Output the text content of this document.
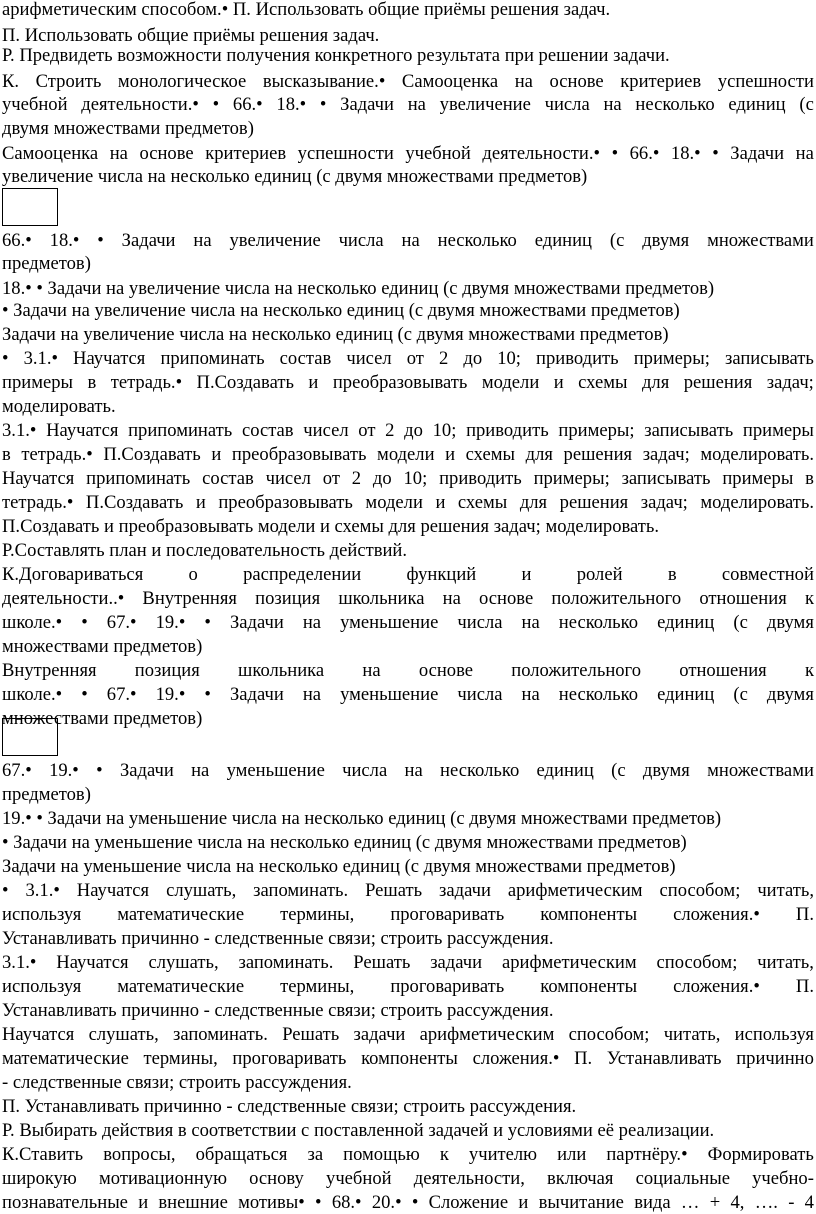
арифметическим способом.• П. Использовать общие приёмы решения задач.
П. Использовать общие приёмы решения задач.
Р. Предвидеть возможности получения конкретного результата при решении задачи.
К. Строить монологическое высказывание.• Самооценка на основе критериев успешности
учебной деятельности.• • 66.• 18.• • Задачи на увеличение числа на несколько единиц (с
двумя множествами предметов)
Самооценка на основе критериев успешности учебной деятельности.• • 66.• 18.• • Задачи на
увеличение числа на несколько единиц (с двумя множествами предметов)
66.• 18.• • Задачи на увеличение числа на несколько единиц (с двумя множествами
предметов)
18.• • Задачи на увеличение числа на несколько единиц (с двумя множествами предметов)
• Задачи на увеличение числа на несколько единиц (с двумя множествами предметов)
Задачи на увеличение числа на несколько единиц (с двумя множествами предметов)
• 3.1.• Научатся припоминать состав чисел от 2 до 10; приводить примеры; записывать
примеры в тетрадь.• П.Создавать и преобразовывать модели и схемы для решения задач;
моделировать.
3.1.• Научатся припоминать состав чисел от 2 до 10; приводить примеры; записывать примеры
в тетрадь.• П.Создавать и преобразовывать модели и схемы для решения задач; моделировать.
Научатся припоминать состав чисел от 2 до 10; приводить примеры; записывать примеры в
тетрадь.• П.Создавать и преобразовывать модели и схемы для решения задач; моделировать.
П.Создавать и преобразовывать модели и схемы для решения задач; моделировать.
Р.Составлять план и последовательность действий.
К.Договариваться о распределении функций и ролей в совместной
деятельности..• Внутренняя позиция школьника на основе положительного отношения к
школе.• • 67.• 19.• • Задачи на уменьшение числа на несколько единиц (с двумя
множествами предметов)
Внутренняя позиция школьника на основе положительного отношения к
школе.• • 67.• 19.• • Задачи на уменьшение числа на несколько единиц (с двумя
множествами предметов)
67.• 19.• • Задачи на уменьшение числа на несколько единиц (с двумя множествами
предметов)
19.• • Задачи на уменьшение числа на несколько единиц (с двумя множествами предметов)
• Задачи на уменьшение числа на несколько единиц (с двумя множествами предметов)
Задачи на уменьшение числа на несколько единиц (с двумя множествами предметов)
• 3.1.• Научатся слушать, запоминать. Решать задачи арифметическим способом; читать,
используя математические термины, проговаривать компоненты сложения.• П.
Устанавливать причинно - следственные связи; строить рассуждения.
3.1.• Научатся слушать, запоминать. Решать задачи арифметическим способом; читать,
используя математические термины, проговаривать компоненты сложения.• П.
Устанавливать причинно - следственные связи; строить рассуждения.
Научатся слушать, запоминать. Решать задачи арифметическим способом; читать, используя
математические термины, проговаривать компоненты сложения.• П. Устанавливать причинно
- следственные связи; строить рассуждения.
П. Устанавливать причинно - следственные связи; строить рассуждения.
Р. Выбирать действия в соответствии с поставленной задачей и условиями её реализации.
К.Ставить вопросы, обращаться за помощью к учителю или партнёру.• Формировать
широкую мотивационную основу учебной деятельности, включая социальные учебно-
познавательные и внешние мотивы• • 68.• 20.• • Сложение и вычитание вида … + 4, …. - 4
